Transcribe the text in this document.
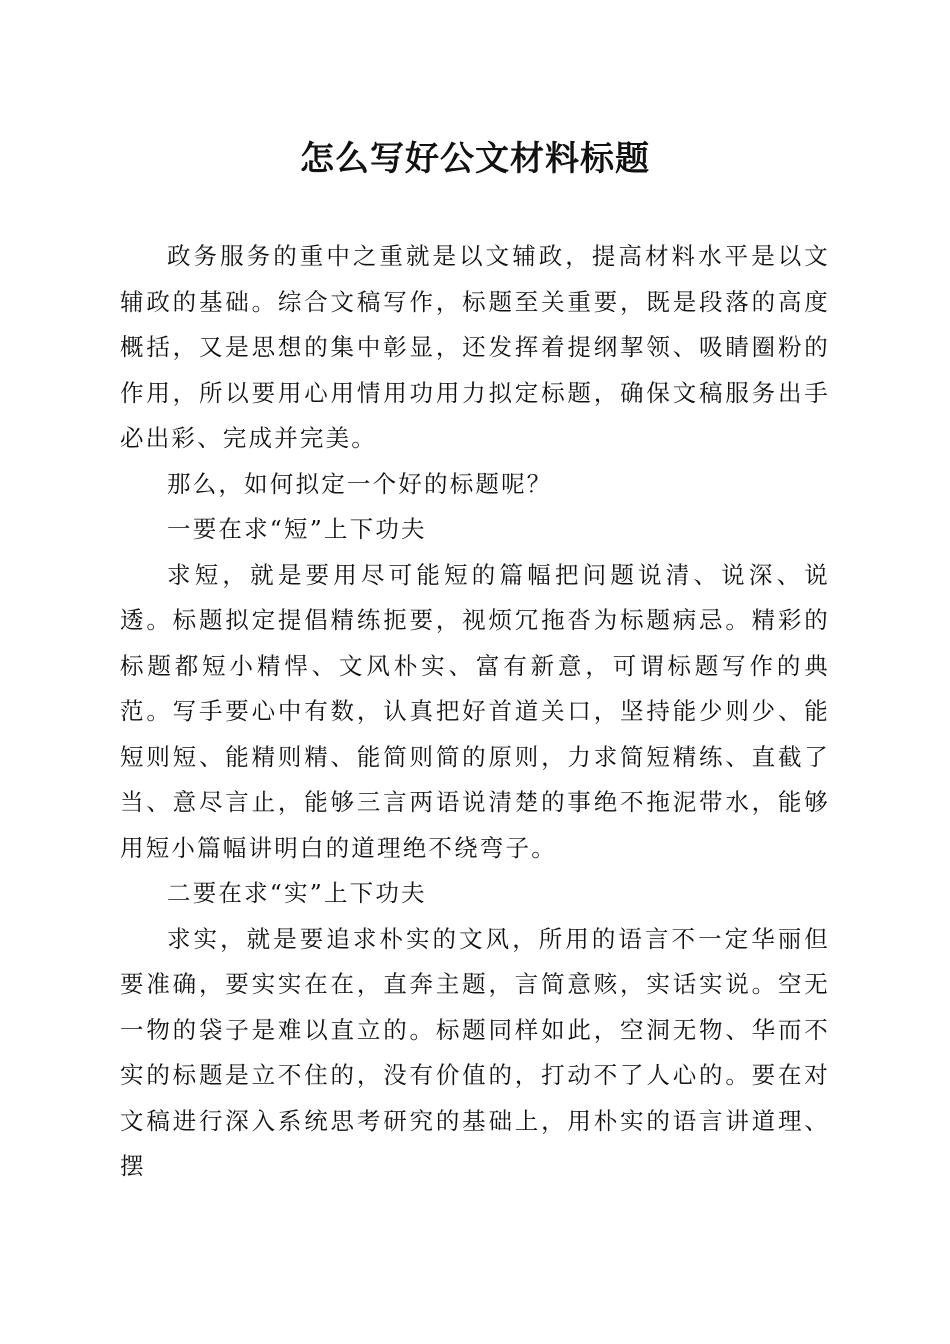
怎么写好公文材料标题

政务服务的重中之重就是以文辅政，提高材料水平是以文辅政的基础。综合文稿写作，标题至关重要，既是段落的高度概括，又是思想的集中彰显，还发挥着提纲挈领、吸睛圈粉的作用，所以要用心用情用功用力拟定标题，确保文稿服务出手必出彩、完成并完美。

那么，如何拟定一个好的标题呢？

一要在求“短”上下功夫

求短，就是要用尽可能短的篇幅把问题说清、说深、说透。标题拟定提倡精练扼要，视烦冗拖沓为标题病忌。精彩的标题都短小精悍、文风朴实、富有新意，可谓标题写作的典范。写手要心中有数，认真把好首道关口，坚持能少则少、能短则短、能精则精、能简则简的原则，力求简短精练、直截了当、意尽言止，能够三言两语说清楚的事绝不拖泥带水，能够用短小篇幅讲明白的道理绝不绕弯子。

二要在求“实”上下功夫

求实，就是要追求朴实的文风，所用的语言不一定华丽但要准确，要实实在在，直奔主题，言简意赅，实话实说。空无一物的袋子是难以直立的。标题同样如此，空洞无物、华而不实的标题是立不住的，没有价值的，打动不了人心的。要在对文稿进行深入系统思考研究的基础上，用朴实的语言讲道理、摆
